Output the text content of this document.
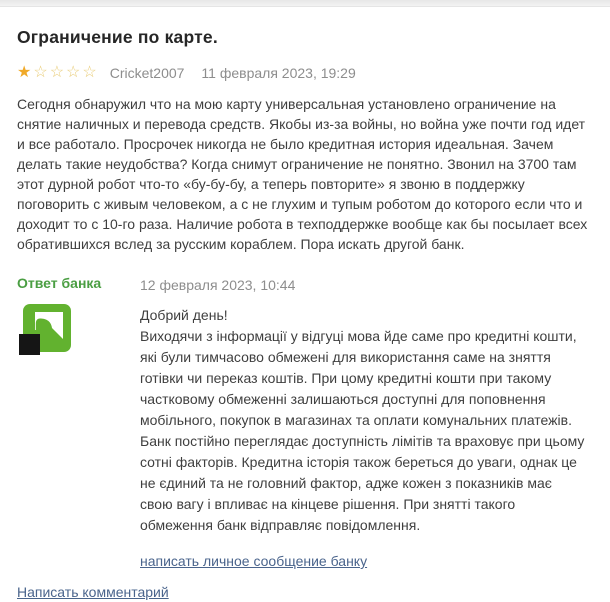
Ограничение по карте.
★ ☆ ☆ ☆ ☆ Cricket2007 11 февраля 2023, 19:29
Сегодня обнаружил что на мою карту универсальная установлено ограничение на снятие наличных и перевода средств. Якобы из-за войны, но война уже почти год идет и все работало. Просрочек никогда не было кредитная история идеальная. Зачем делать такие неудобства? Когда снимут ограничение не понятно. Звонил на 3700 там этот дурной робот что-то «бу-бу-бу, а теперь повторите» я звоню в поддержку поговорить с живым человеком, а с не глухим и тупым роботом до которого если что и доходит то с 10-го раза. Наличие робота в техподдержке вообще как бы посылает всех обратившихся вслед за русским кораблем. Пора искать другой банк.
Ответ банка	12 февраля 2023, 10:44

Добрий день!

Виходячи з інформації у відгуці мова йде саме про кредитні кошти, які були тимчасово обмежені для використання саме на зняття готівки чи переказ коштів. При цому кредитні кошти при такому частковому обмеженні залишаються доступні для поповнення мобільного, покупок в магазинах та оплати комунальних платежів.

Банк постійно переглядає доступність лімітів та враховує при цьому сотні факторів. Кредитна історія також береться до уваги, однак це не єдиний та не головний фактор, адже кожен з показників має свою вагу і впливає на кінцеве рішення. При знятті такого обмеження банк відправляє повідомлення.

написать личное сообщение банку
Написать комментарий
